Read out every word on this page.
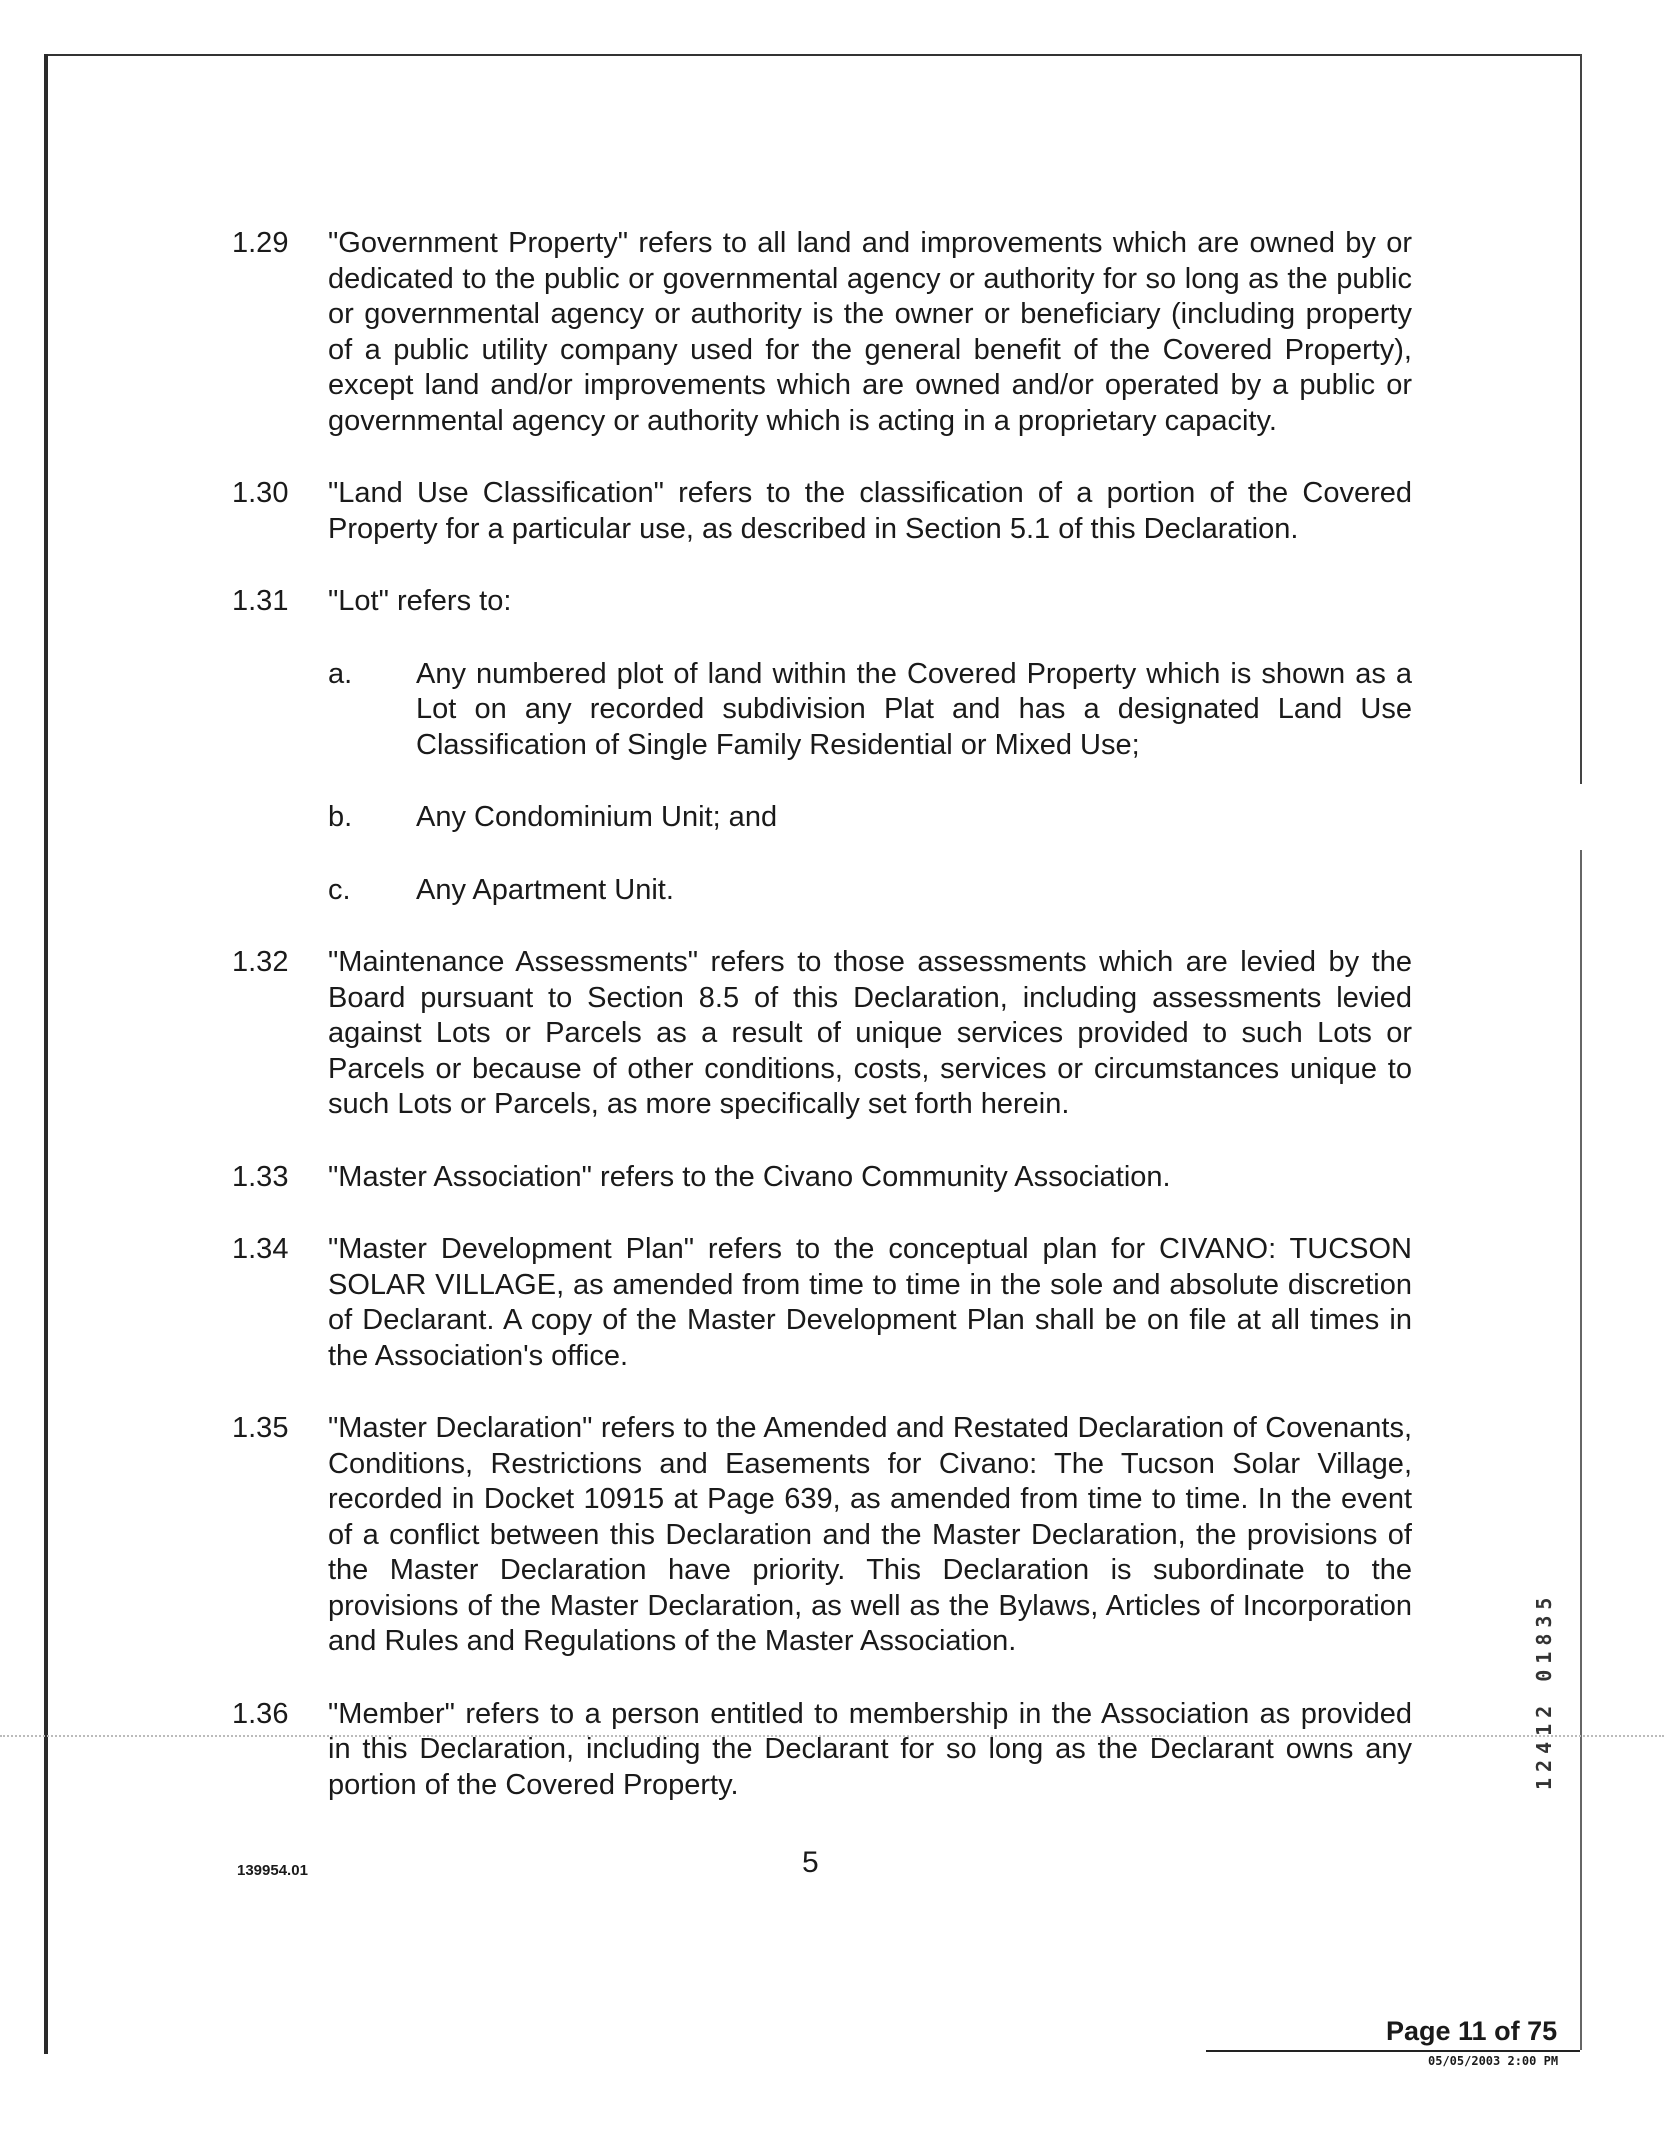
1.29	"Government Property" refers to all land and improvements which are owned by or dedicated to the public or governmental agency or authority for so long as the public or governmental agency or authority is the owner or beneficiary (including property of a public utility company used for the general benefit of the Covered Property), except land and/or improvements which are owned and/or operated by a public or governmental agency or authority which is acting in a proprietary capacity.
1.30	"Land Use Classification" refers to the classification of a portion of the Covered Property for a particular use, as described in Section 5.1 of this Declaration.
1.31	"Lot" refers to:
a.	Any numbered plot of land within the Covered Property which is shown as a Lot on any recorded subdivision Plat and has a designated Land Use Classification of Single Family Residential or Mixed Use;
b.	Any Condominium Unit; and
c.	Any Apartment Unit.
1.32	"Maintenance Assessments" refers to those assessments which are levied by the Board pursuant to Section 8.5 of this Declaration, including assessments levied against Lots or Parcels as a result of unique services provided to such Lots or Parcels or because of other conditions, costs, services or circumstances unique to such Lots or Parcels, as more specifically set forth herein.
1.33	"Master Association" refers to the Civano Community Association.
1.34	"Master Development Plan" refers to the conceptual plan for CIVANO: TUCSON SOLAR VILLAGE, as amended from time to time in the sole and absolute discretion of Declarant. A copy of the Master Development Plan shall be on file at all times in the Association's office.
1.35	"Master Declaration" refers to the Amended and Restated Declaration of Covenants, Conditions, Restrictions and Easements for Civano: The Tucson Solar Village, recorded in Docket 10915 at Page 639, as amended from time to time. In the event of a conflict between this Declaration and the Master Declaration, the provisions of the Master Declaration have priority. This Declaration is subordinate to the provisions of the Master Declaration, as well as the Bylaws, Articles of Incorporation and Rules and Regulations of the Master Association.
1.36	"Member" refers to a person entitled to membership in the Association as provided in this Declaration, including the Declarant for so long as the Declarant owns any portion of the Covered Property.	12412 01835
139954.01	5
Page 11 of 75
05/05/2003 2:00 PM
